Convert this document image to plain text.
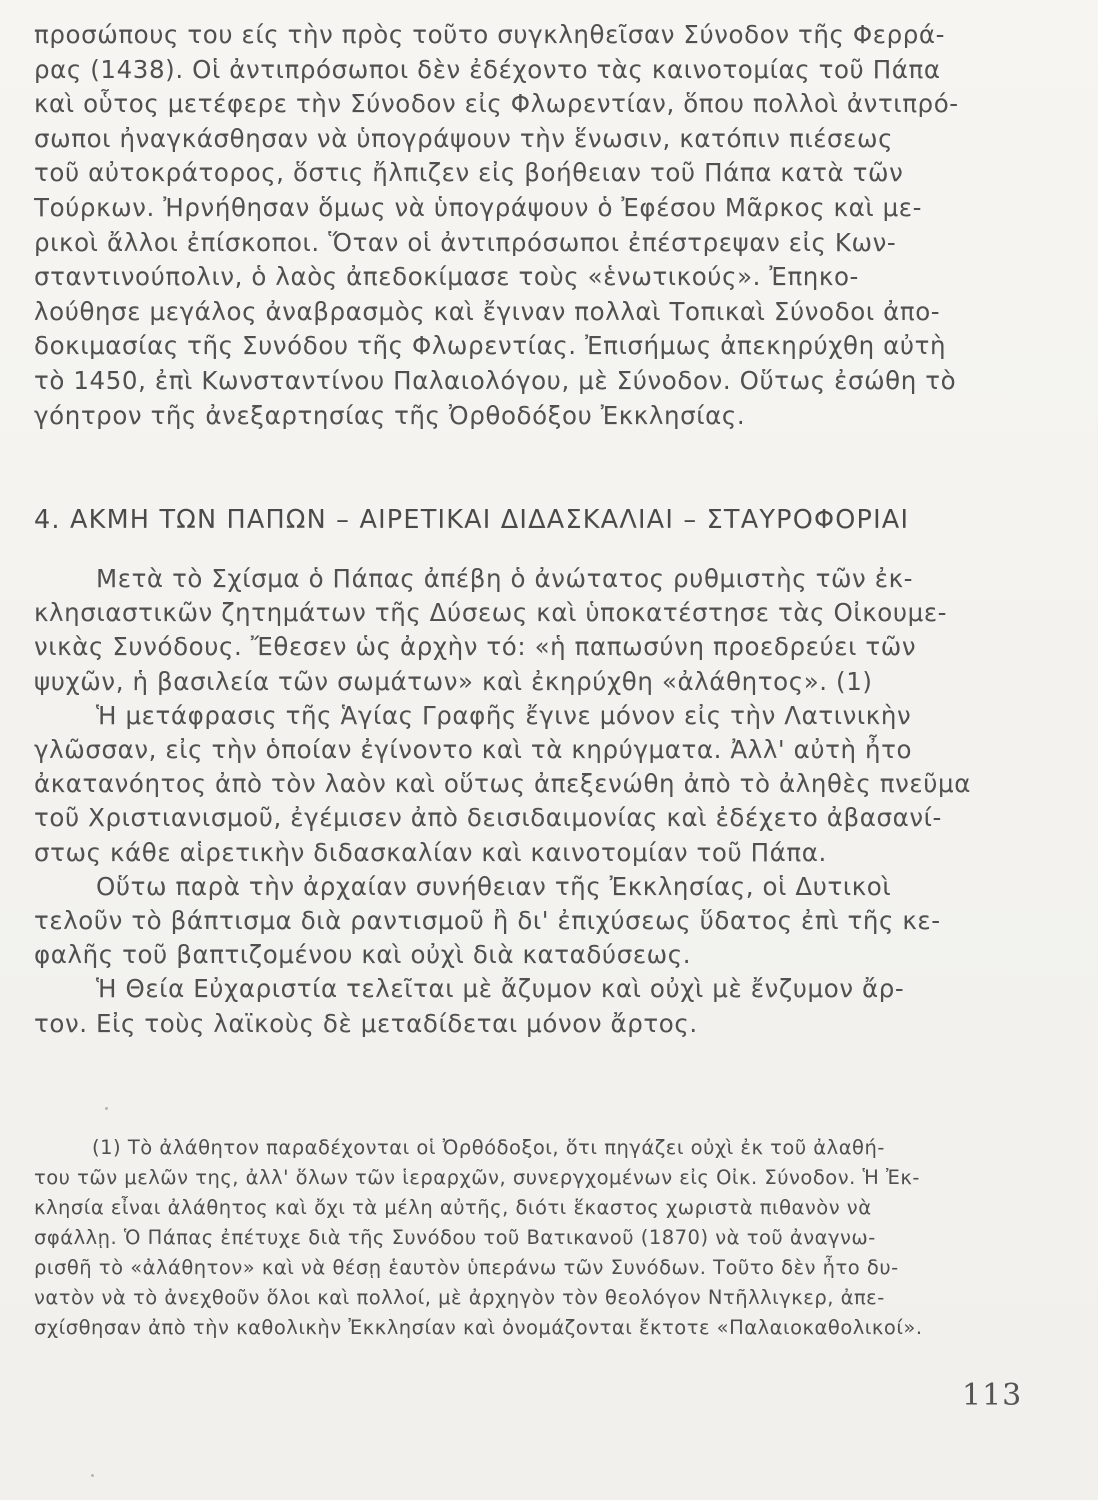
προσώπους του είς τὴν πρὸς τοῦτο συγκληθεῖσαν Σύνοδον τῆς Φερρά-
ρας (1438). Οἱ ἀντιπρόσωποι δὲν ἐδέχοντο τὰς καινοτομίας τοῦ Πάπα
καὶ οὗτος μετέφερε τὴν Σύνοδον εἰς Φλωρεντίαν, ὅπου πολλοὶ ἀντιπρό-
σωποι ἠναγκάσθησαν νὰ ὑπογράψουν τὴν ἕνωσιν, κατόπιν πιέσεως
τοῦ αὐτοκράτορος, ὅστις ἤλπιζεν εἰς βοήθειαν τοῦ Πάπα κατὰ τῶν
Τούρκων. Ἠρνήθησαν ὅμως νὰ ὑπογράψουν ὁ Ἐφέσου Μᾶρκος καὶ με-
ρικοὶ ἄλλοι ἐπίσκοποι. Ὅταν οἱ ἀντιπρόσωποι ἐπέστρεψαν εἰς Κων-
σταντινούπολιν, ὁ λαὸς ἀπεδοκίμασε τοὺς «ἑνωτικούς». Ἐπηκο-
λούθησε μεγάλος ἀναβρασμὸς καὶ ἔγιναν πολλαὶ Τοπικαὶ Σύνοδοι ἀπο-
δοκιμασίας τῆς Συνόδου τῆς Φλωρεντίας. Ἐπισήμως ἀπεκηρύχθη αὐτὴ
τὸ 1450, ἐπὶ Κωνσταντίνου Παλαιολόγου, μὲ Σύνοδον. Οὕτως ἐσώθη τὸ
γόητρον τῆς ἀνεξαρτησίας τῆς Ὀρθοδόξου Ἐκκλησίας.
4. ΑΚΜΗ ΤΩΝ ΠΑΠΩΝ – ΑΙΡΕΤΙΚΑΙ ΔΙΔΑΣΚΑΛΙΑΙ – ΣΤΑΥΡΟΦΟΡΙΑΙ
Μετὰ τὸ Σχίσμα ὁ Πάπας ἀπέβη ὁ ἀνώτατος ρυθμιστὴς τῶν ἐκ-
κλησιαστικῶν ζητημάτων τῆς Δύσεως καὶ ὑποκατέστησε τὰς Οἰκουμε-
νικὰς Συνόδους. Ἔθεσεν ὡς ἀρχὴν τό: «ἡ παπωσύνη προεδρεύει τῶν
ψυχῶν, ἡ βασιλεία τῶν σωμάτων» καὶ ἐκηρύχθη «ἀλάθητος». (1)
Ἡ μετάφρασις τῆς Ἁγίας Γραφῆς ἔγινε μόνον εἰς τὴν Λατινικὴν
γλῶσσαν, εἰς τὴν ὁποίαν ἐγίνοντο καὶ τὰ κηρύγματα. Ἀλλ' αὐτὴ ἦτο
ἀκατανόητος ἀπὸ τὸν λαὸν καὶ οὕτως ἀπεξενώθη ἀπὸ τὸ ἀληθὲς πνεῦμα
τοῦ Χριστιανισμοῦ, ἐγέμισεν ἀπὸ δεισιδαιμονίας καὶ ἐδέχετο ἀβασανί-
στως κάθε αἱρετικὴν διδασκαλίαν καὶ καινοτομίαν τοῦ Πάπα.
Οὕτω παρὰ τὴν ἀρχαίαν συνήθειαν τῆς Ἐκκλησίας, οἱ Δυτικοὶ
τελοῦν τὸ βάπτισμα διὰ ραντισμοῦ ἢ δι' ἐπιχύσεως ὕδατος ἐπὶ τῆς κε-
φαλῆς τοῦ βαπτιζομένου καὶ οὐχὶ διὰ καταδύσεως.
Ἡ Θεία Εὐχαριστία τελεῖται μὲ ἄζυμον καὶ οὐχὶ μὲ ἔνζυμον ἄρ-
τον. Εἰς τοὺς λαϊκοὺς δὲ μεταδίδεται μόνον ἄρτος.
(1) Τὸ ἀλάθητον παραδέχονται οἱ Ὀρθόδοξοι, ὅτι πηγάζει οὐχὶ ἐκ τοῦ ἀλαθή-
του τῶν μελῶν της, ἀλλ' ὅλων τῶν ἱεραρχῶν, συνεργχομένων εἰς Οἰκ. Σύνοδον. Ἡ Ἐκ-
κλησία εἶναι ἀλάθητος καὶ ὄχι τὰ μέλη αὐτῆς, διότι ἕκαστος χωριστὰ πιθανὸν νὰ
σφάλλῃ. Ὁ Πάπας ἐπέτυχε διὰ τῆς Συνόδου τοῦ Βατικανοῦ (1870) νὰ τοῦ ἀναγνω-
ρισθῆ τὸ «ἀλάθητον» καὶ νὰ θέσῃ ἑαυτὸν ὑπεράνω τῶν Συνόδων. Τοῦτο δὲν ἦτο δυ-
νατὸν νὰ τὸ ἀνεχθοῦν ὅλοι καὶ πολλοί, μὲ ἀρχηγὸν τὸν θεολόγον Ντῆλλιγκερ, ἀπε-
σχίσθησαν ἀπὸ τὴν καθολικὴν Ἐκκλησίαν καὶ ὀνομάζονται ἔκτοτε «Παλαιοκαθολικοί».
113
